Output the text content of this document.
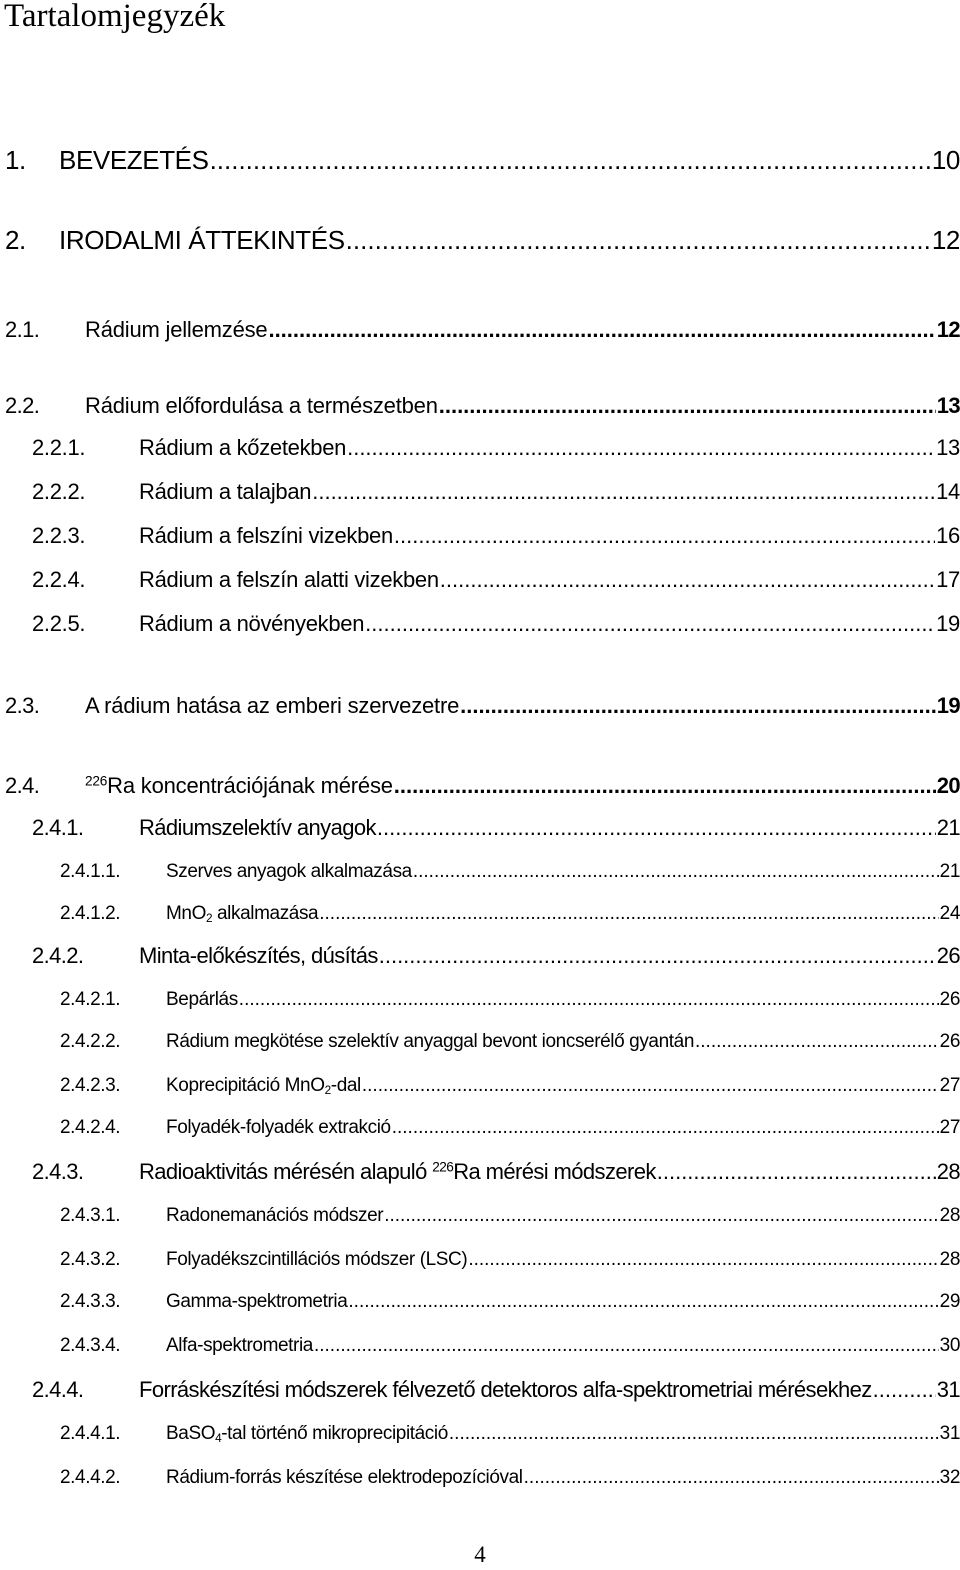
Tartalomjegyzék
1.	BEVEZETÉS .....	10
2.	IRODALMI ÁTTEKINTÉS .....	12
2.1.	Rádium jellemzése .....	12
2.2.	Rádium előfordulása a természetben .....	13
2.2.1.	Rádium a kőzetekben .....	13
2.2.2.	Rádium a talajban .....	14
2.2.3.	Rádium a felszíni vizekben .....	16
2.2.4.	Rádium a felszín alatti vizekben .....	17
2.2.5.	Rádium a növényekben .....	19
2.3.	A rádium hatása az emberi szervezetre .....	19
2.4.	$^{226}$Ra koncentrációjának mérése .....	20
2.4.1.	Rádiumszelektív anyagok .....	21
2.4.1.1.	Szerves anyagok alkalmazása .....	21
2.4.1.2.	MnO$_2$ alkalmazása .....	24
2.4.2.	Minta-előkészítés, dúsítás .....	26
2.4.2.1.	Bepárlás .....	26
2.4.2.2.	Rádium megkötése szelektív anyaggal bevont ioncserélő gyantán .....	26
2.4.2.3.	Koprecipitáció MnO$_2$-dal .....	27
2.4.2.4.	Folyadék-folyadék extrakció .....	27
2.4.3.	Radioaktivitás mérésén alapuló $^{226}$Ra mérési módszerek .....	28
2.4.3.1.	Radonemanációs módszer .....	28
2.4.3.2.	Folyadékszcintillációs módszer (LSC) .....	28
2.4.3.3.	Gamma-spektrometria .....	29
2.4.3.4.	Alfa-spektrometria .....	30
2.4.4.	Forráskészítési módszerek félvezető detektoros alfa-spektrometriai mérésekhez .....	31
2.4.4.1.	BaSO$_4$-tal történő mikroprecipitáció .....	31
2.4.4.2.	Rádium-forrás készítése elektrodepozícióval .....	32
4
